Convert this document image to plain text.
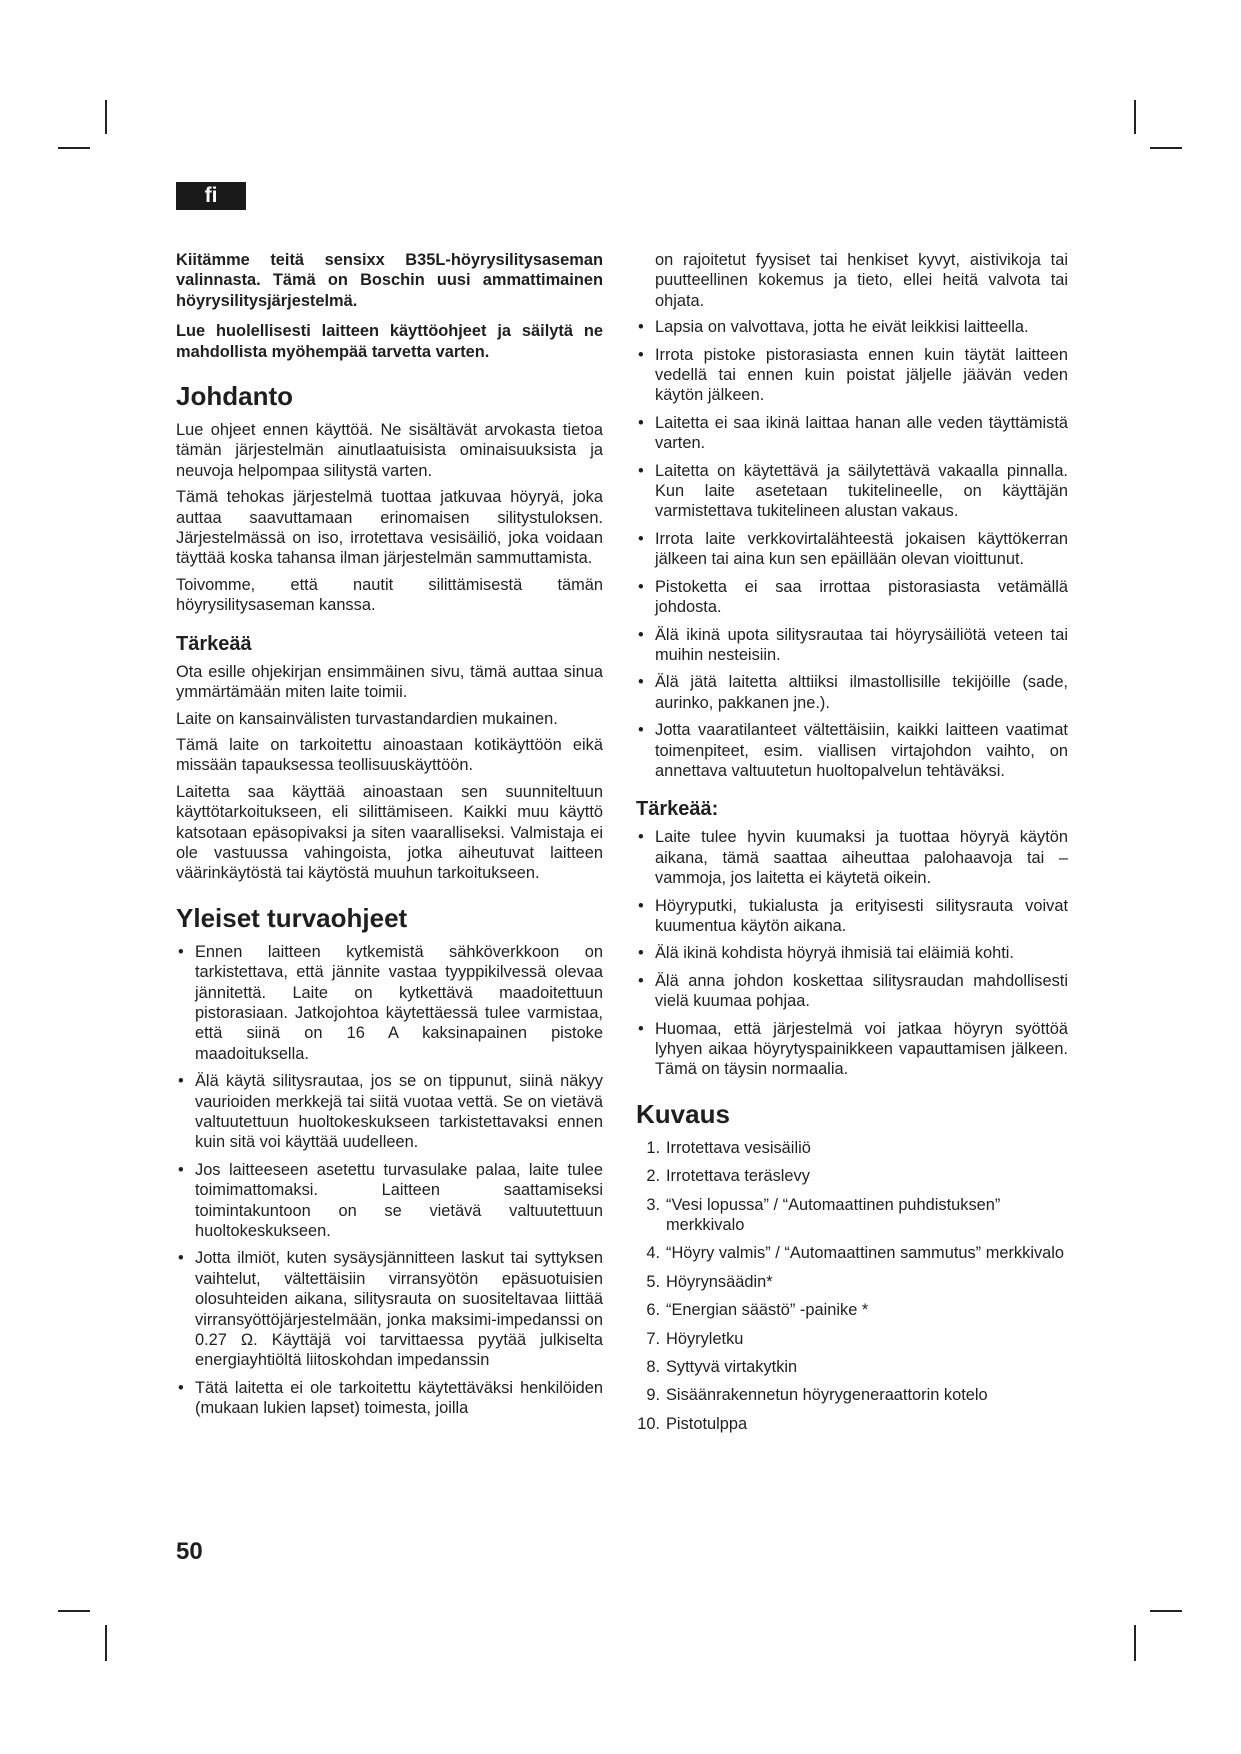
fi

Kiitämme teitä sensixx B35L-höyrysilitysaseman valinnasta. Tämä on Boschin uusi ammattimainen höyrysilitysjärjestelmä.

Lue huolellisesti laitteen käyttöohjeet ja säilytä ne mahdollista myöhempää tarvetta varten.

Johdanto

Lue ohjeet ennen käyttöä. Ne sisältävät arvokasta tietoa tämän järjestelmän ainutlaatuisista ominaisuuksista ja neuvoja helpompaa silitystä varten.

Tämä tehokas järjestelmä tuottaa jatkuvaa höyryä, joka auttaa saavuttamaan erinomaisen silitystuloksen. Järjestelmässä on iso, irrotettava vesisäiliö, joka voidaan täyttää koska tahansa ilman järjestelmän sammuttamista.

Toivomme, että nautit silittämisestä tämän höyrysilitysaseman kanssa.

Tärkeää

Ota esille ohjekirjan ensimmäinen sivu, tämä auttaa sinua ymmärtämään miten laite toimii.

Laite on kansainvälisten turvastandardien mukainen.

Tämä laite on tarkoitettu ainoastaan kotikäyttöön eikä missään tapauksessa teollisuuskäyttöön.

Laitetta saa käyttää ainoastaan sen suunniteltuun käyttötarkoitukseen, eli silittämiseen. Kaikki muu käyttö katsotaan epäsopivaksi ja siten vaaralliseksi. Valmistaja ei ole vastuussa vahingoista, jotka aiheutuvat laitteen väärinkäytöstä tai käytöstä muuhun tarkoitukseen.

Yleiset turvaohjeet
• Ennen laitteen kytkemistä sähköverkkoon on tarkistettava, että jännite vastaa tyyppikilvessä olevaa jännitettä. Laite on kytkettävä maadoitettuun pistorasiaan. Jatkojohtoa käytettäessä tulee varmistaa, että siinä on 16 A kaksinapainen pistoke maadoituksella.
• Älä käytä silitysrautaa, jos se on tippunut, siinä näkyy vaurioiden merkkejä tai siitä vuotaa vettä. Se on vietävä valtuutettuun huoltokeskukseen tarkistettavaksi ennen kuin sitä voi käyttää uudelleen.
• Jos laitteeseen asetettu turvasulake palaa, laite tulee toimimattomaksi. Laitteen saattamiseksi toimintakuntoon on se vietävä valtuutettuun huoltokeskukseen.
• Jotta ilmiöt, kuten sysäysjännitteen laskut tai syttyksen vaihtelut, vältettäisiin virransyötön epäsuotuisien olosuhteiden aikana, silitysrauta on suositeltavaa liittää virransyöttöjärjestelmään, jonka maksimi-impedanssi on 0.27 Ω. Käyttäjä voi tarvittaessa pyytää julkiselta energiayhtiöltä liitoskohdan impedanssin
• Tätä laitetta ei ole tarkoitettu käytettäväksi henkilöiden (mukaan lukien lapset) toimesta, joilla
50

on rajoitetut fyysiset tai henkiset kyvyt, aistivikoja tai puutteellinen kokemus ja tieto, ellei heitä valvota tai ohjata.

• Lapsia on valvottava, jotta he eivät leikkisi laitteella.
• Irrota pistoke pistorasiasta ennen kuin täytät laitteen vedellä tai ennen kuin poistat jäljelle jäävän veden käytön jälkeen.
• Laitetta ei saa ikinä laittaa hanan alle veden täyttämistä varten.
• Laitetta on käytettävä ja säilytettävä vakaalla pinnalla. Kun laite asetetaan tukitelineelle, on käyttäjän varmistettava tukitelineen alustan vakaus.
• Irrota laite verkkovirtalähteestä jokaisen käyttökerran jälkeen tai aina kun sen epäillään olevan vioittunut.
• Pistoketta ei saa irrottaa pistorasiasta vetämällä johdosta.
• Älä ikinä upota silitysrautaa tai höyrysäiliötä veteen tai muihin nesteisiin.
• Älä jätä laitetta alttiiksi ilmastollisille tekijöille (sade, aurinko, pakkanen jne.).
• Jotta vaaratilanteet vältettäisiin, kaikki laitteen vaatimat toimenpiteet, esim. viallisen virtajohdon vaihto, on annettava valtuutetun huoltopalvelun tehtäväksi.
Tärkeää:
• Laite tulee hyvin kuumaksi ja tuottaa höyryä käytön aikana, tämä saattaa aiheuttaa palohaavoja tai –vammoja, jos laitetta ei käytetä oikein.
• Höyryputki, tukialusta ja erityisesti silitysrauta voivat kuumentua käytön aikana.
• Älä ikinä kohdista höyryä ihmisiä tai eläimiä kohti.
• Älä anna johdon koskettaa silitysraudan mahdollisesti vielä kuumaa pohjaa.
• Huomaa, että järjestelmä voi jatkaa höyryn syöttöä lyhyen aikaa höyrytyspainikkeen vapauttamisen jälkeen. Tämä on täysin normaalia.
Kuvaus
1. Irrotettava vesisäiliö
2. Irrotettava teräslevy
3. “Vesi lopussa” / “Automaattinen puhdistuksen” merkkivalo
4. “Höyry valmis” / “Automaattinen sammutus” merkkivalo
5. Höyrynsäädin*
6. “Energian säästö” -painike *
7. Höyryletku
8. Syttyvä virtakytkin
9. Sisäänrakennetun höyrygeneraattorin kotelo
10. Pistotulppa
